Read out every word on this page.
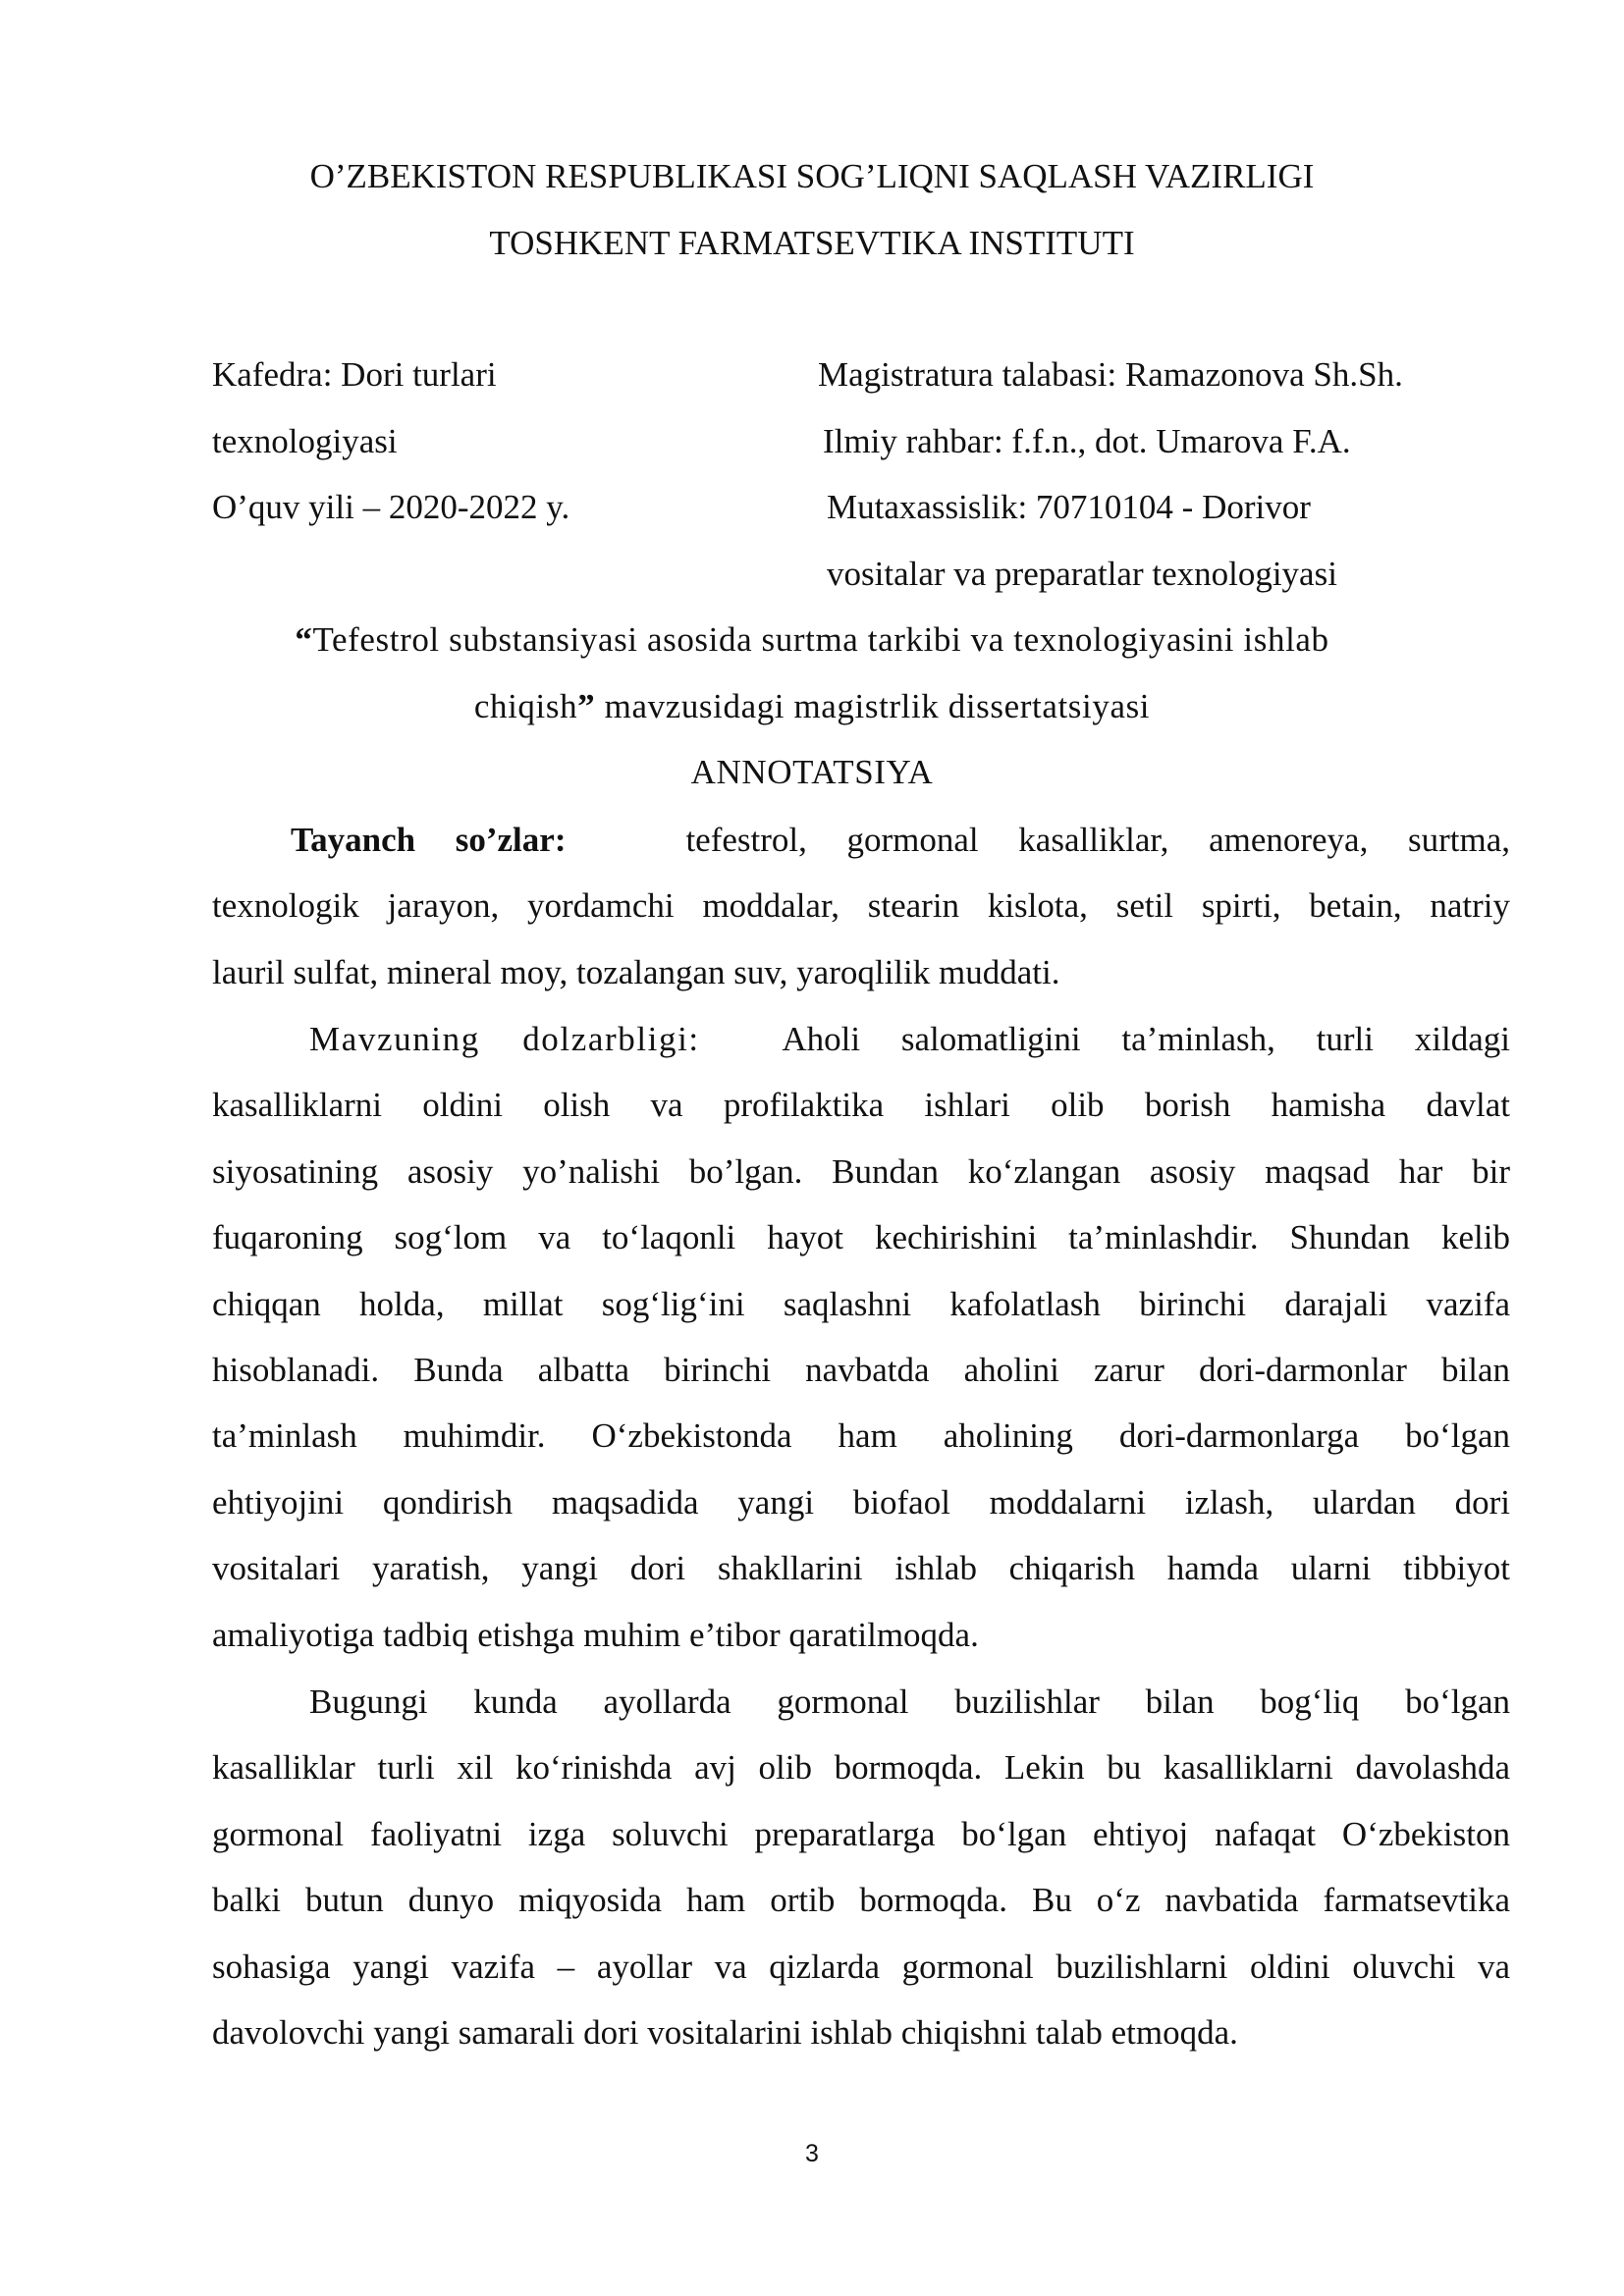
O’ZBEKISTON RESPUBLIKASI SOG’LIQNI SAQLASH VAZIRLIGI

TOSHKENT FARMATSEVTIKA INSTITUTI

Kafedra: Dori turlari

texnologiyasi

O’quv yili – 2020-2022 y.

Magistratura talabasi: Ramazonova Sh.Sh.

Ilmiy rahbar: f.f.n., dot. Umarova F.A.

Mutaxassislik: 70710104 - Dorivor

vositalar va preparatlar texnologiyasi

“Tefestrol substansiyasi asosida surtma tarkibi va texnologiyasini ishlab

chiqish” mavzusidagi magistrlik dissertatsiyasi

ANNOTATSIYA

Tayanch so’zlar:	tefestrol, gormonal kasalliklar, amenoreya, surtma,
texnologik jarayon, yordamchi moddalar, stearin kislota, setil spirti, betain, natriy
lauril sulfat, mineral moy, tozalangan suv, yaroqlilik muddati.
Mavzuning dolzarbligi: Aholi salomatligini ta’minlash, turli xildagi
kasalliklarni oldini olish va profilaktika ishlari olib borish hamisha davlat
siyosatining asosiy yo’nalishi bo’lgan. Bundan ko‘zlangan asosiy maqsad har bir
fuqaroning sog‘lom va to‘laqonli hayot kechirishini ta’minlashdir. Shundan kelib
chiqqan holda, millat sog‘lig‘ini saqlashni kafolatlash birinchi darajali vazifa
hisoblanadi. Bunda albatta birinchi navbatda aholini zarur dori-darmonlar bilan
ta’minlash muhimdir. O‘zbekistonda ham aholining dori-darmonlarga bo‘lgan
ehtiyojini qondirish maqsadida yangi biofaol moddalarni izlash, ulardan dori
vositalari yaratish, yangi dori shakllarini ishlab chiqarish hamda ularni tibbiyot
amaliyotiga tadbiq etishga muhim e’tibor qaratilmoqda.
Bugungi kunda ayollarda gormonal buzilishlar bilan bog‘liq bo‘lgan
kasalliklar turli xil ko‘rinishda avj olib bormoqda. Lekin bu kasalliklarni davolashda
gormonal faoliyatni izga soluvchi preparatlarga bo‘lgan ehtiyoj nafaqat O‘zbekiston
balki butun dunyo miqyosida ham ortib bormoqda. Bu o‘z navbatida farmatsevtika
sohasiga yangi vazifa – ayollar va qizlarda gormonal buzilishlarni oldini oluvchi va
davolovchi yangi samarali dori vositalarini ishlab chiqishni talab etmoqda.

3
